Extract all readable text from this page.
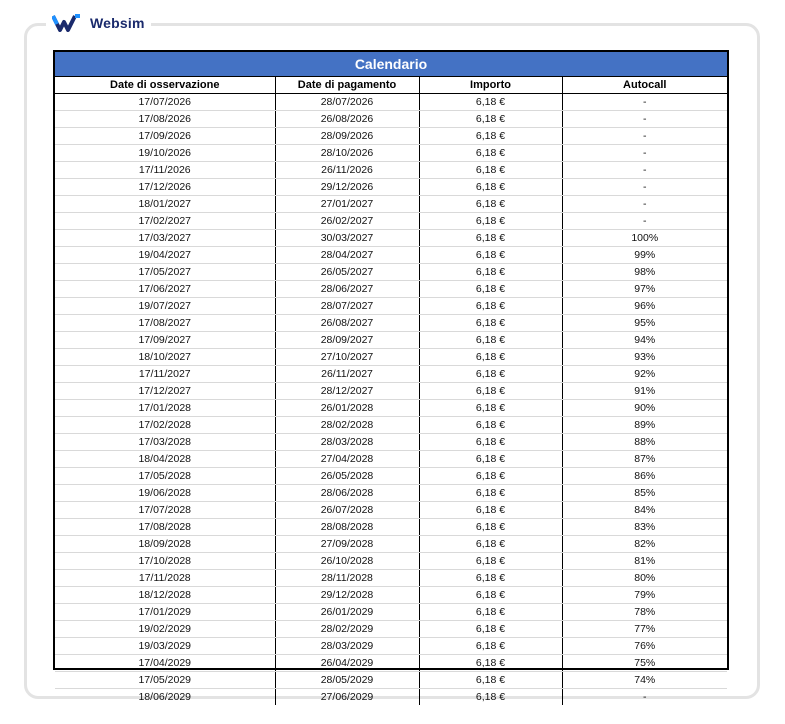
Websim
Calendario
Date di osservazione	Date di pagamento	Importo	Autocall
17/07/2026	28/07/2026	6,18 €	-
17/08/2026	26/08/2026	6,18 €	-
17/09/2026	28/09/2026	6,18 €	-
19/10/2026	28/10/2026	6,18 €	-
17/11/2026	26/11/2026	6,18 €	-
17/12/2026	29/12/2026	6,18 €	-
18/01/2027	27/01/2027	6,18 €	-
17/02/2027	26/02/2027	6,18 €	-
17/03/2027	30/03/2027	6,18 €	100%
19/04/2027	28/04/2027	6,18 €	99%
17/05/2027	26/05/2027	6,18 €	98%
17/06/2027	28/06/2027	6,18 €	97%
19/07/2027	28/07/2027	6,18 €	96%
17/08/2027	26/08/2027	6,18 €	95%
17/09/2027	28/09/2027	6,18 €	94%
18/10/2027	27/10/2027	6,18 €	93%
17/11/2027	26/11/2027	6,18 €	92%
17/12/2027	28/12/2027	6,18 €	91%
17/01/2028	26/01/2028	6,18 €	90%
17/02/2028	28/02/2028	6,18 €	89%
17/03/2028	28/03/2028	6,18 €	88%
18/04/2028	27/04/2028	6,18 €	87%
17/05/2028	26/05/2028	6,18 €	86%
19/06/2028	28/06/2028	6,18 €	85%
17/07/2028	26/07/2028	6,18 €	84%
17/08/2028	28/08/2028	6,18 €	83%
18/09/2028	27/09/2028	6,18 €	82%
17/10/2028	26/10/2028	6,18 €	81%
17/11/2028	28/11/2028	6,18 €	80%
18/12/2028	29/12/2028	6,18 €	79%
17/01/2029	26/01/2029	6,18 €	78%
19/02/2029	28/02/2029	6,18 €	77%
19/03/2029	28/03/2029	6,18 €	76%
17/04/2029	26/04/2029	6,18 €	75%
17/05/2029	28/05/2029	6,18 €	74%
18/06/2029	27/06/2029	6,18 €	-
